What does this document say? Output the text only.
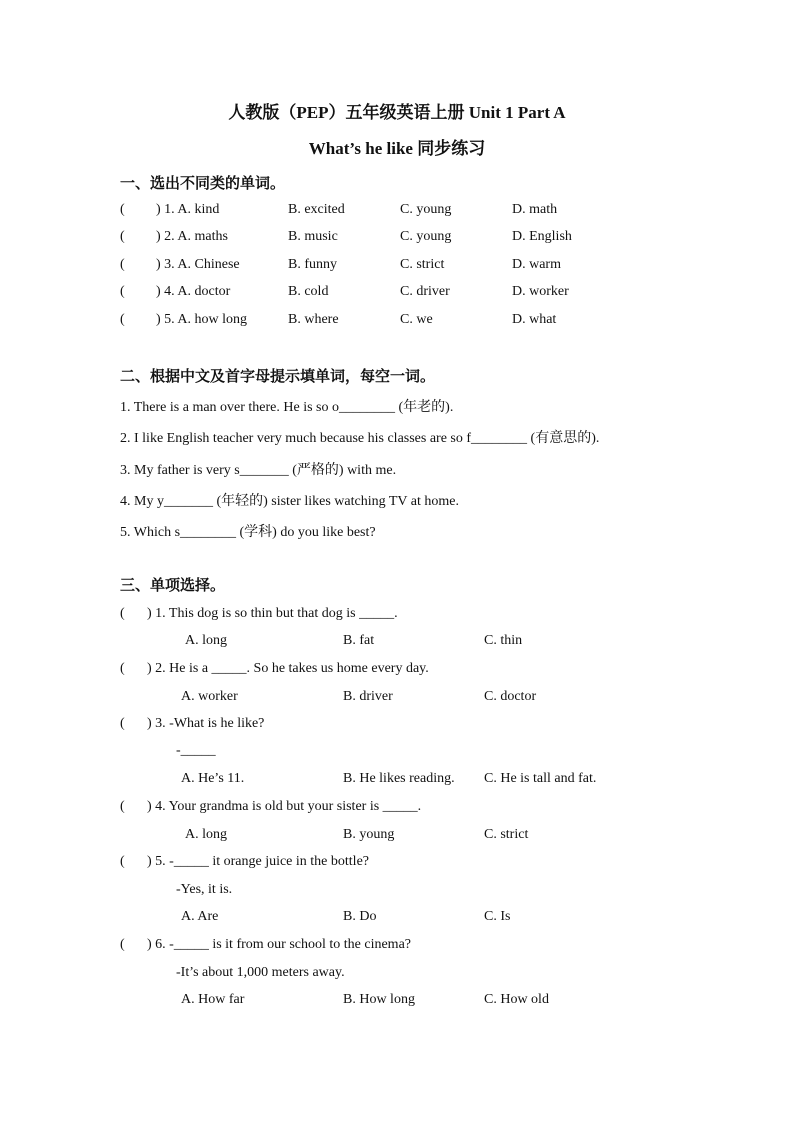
人教版（PEP）五年级英语上册 Unit 1 Part A
What’s he like 同步练习
一、选出不同类的单词。
( ) 1. A. kind	B. excited	C. young	D. math
( ) 2. A. maths	B. music	C. young	D. English
( ) 3. A. Chinese	B. funny	C. strict	D. warm
( ) 4. A. doctor	B. cold	C. driver	D. worker
( ) 5. A. how long	B. where	C. we	D. what
二、根据中文及首字母提示填单词，每空一词。
1. There is a man over there. He is so o________ (年老的).
2. I like English teacher very much because his classes are so f________ (有意思的).
3. My father is very s_______ (严格的) with me.
4. My y_______ (年轻的) sister likes watching TV at home.
5. Which s________ (学科) do you like best?
三、单项选择。
( ) 1. This dog is so thin but that dog is _____.
A. long	B. fat	C. thin
( ) 2. He is a _____. So he takes us home every day.
A. worker	B. driver	C. doctor
( ) 3. -What is he like?
-_____
A. He’s 11.	B. He likes reading. C. He is tall and fat.
( ) 4. Your grandma is old but your sister is _____.
A. long	B. young	C. strict
( ) 5. -_____ it orange juice in the bottle?
-Yes, it is.
A. Are	B. Do	C. Is
( ) 6. -_____ is it from our school to the cinema?
-It’s about 1,000 meters away.
A. How far	B. How long	C. How old
